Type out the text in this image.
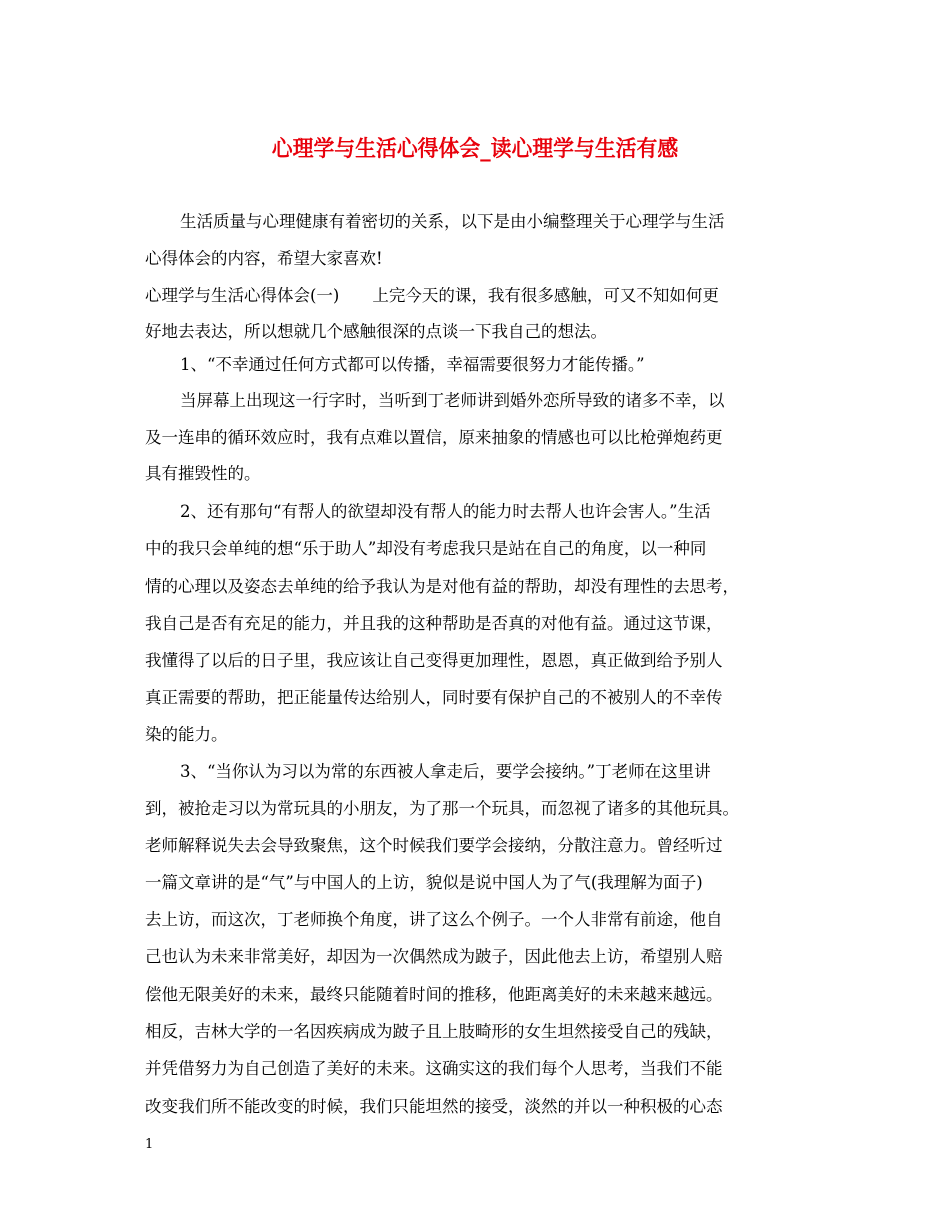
心理学与生活心得体会_读心理学与生活有感
生活质量与心理健康有着密切的关系，以下是由小编整理关于心理学与生活
心得体会的内容，希望大家喜欢!
心理学与生活心得体会(一)　　上完今天的课，我有很多感触，可又不知如何更
好地去表达，所以想就几个感触很深的点谈一下我自己的想法。
1、“不幸通过任何方式都可以传播，幸福需要很努力才能传播。”
当屏幕上出现这一行字时，当听到丁老师讲到婚外恋所导致的诸多不幸，以
及一连串的循环效应时，我有点难以置信，原来抽象的情感也可以比枪弹炮药更
具有摧毁性的。
2、还有那句“有帮人的欲望却没有帮人的能力时去帮人也许会害人。”生活
中的我只会单纯的想“乐于助人”却没有考虑我只是站在自己的角度，以一种同
情的心理以及姿态去单纯的给予我认为是对他有益的帮助，却没有理性的去思考，
我自己是否有充足的能力，并且我的这种帮助是否真的对他有益。通过这节课，
我懂得了以后的日子里，我应该让自己变得更加理性，恩恩，真正做到给予别人
真正需要的帮助，把正能量传达给别人，同时要有保护自己的不被别人的不幸传
染的能力。
3、“当你认为习以为常的东西被人拿走后，要学会接纳。”丁老师在这里讲
到，被抢走习以为常玩具的小朋友，为了那一个玩具，而忽视了诸多的其他玩具。
老师解释说失去会导致聚焦，这个时候我们要学会接纳，分散注意力。曾经听过
一篇文章讲的是“气”与中国人的上访，貌似是说中国人为了气(我理解为面子)
去上访，而这次，丁老师换个角度，讲了这么个例子。一个人非常有前途，他自
己也认为未来非常美好，却因为一次偶然成为跛子，因此他去上访，希望别人赔
偿他无限美好的未来，最终只能随着时间的推移，他距离美好的未来越来越远。
相反，吉林大学的一名因疾病成为跛子且上肢畸形的女生坦然接受自己的残缺，
并凭借努力为自己创造了美好的未来。这确实这的我们每个人思考，当我们不能
改变我们所不能改变的时候，我们只能坦然的接受，淡然的并以一种积极的心态
1
